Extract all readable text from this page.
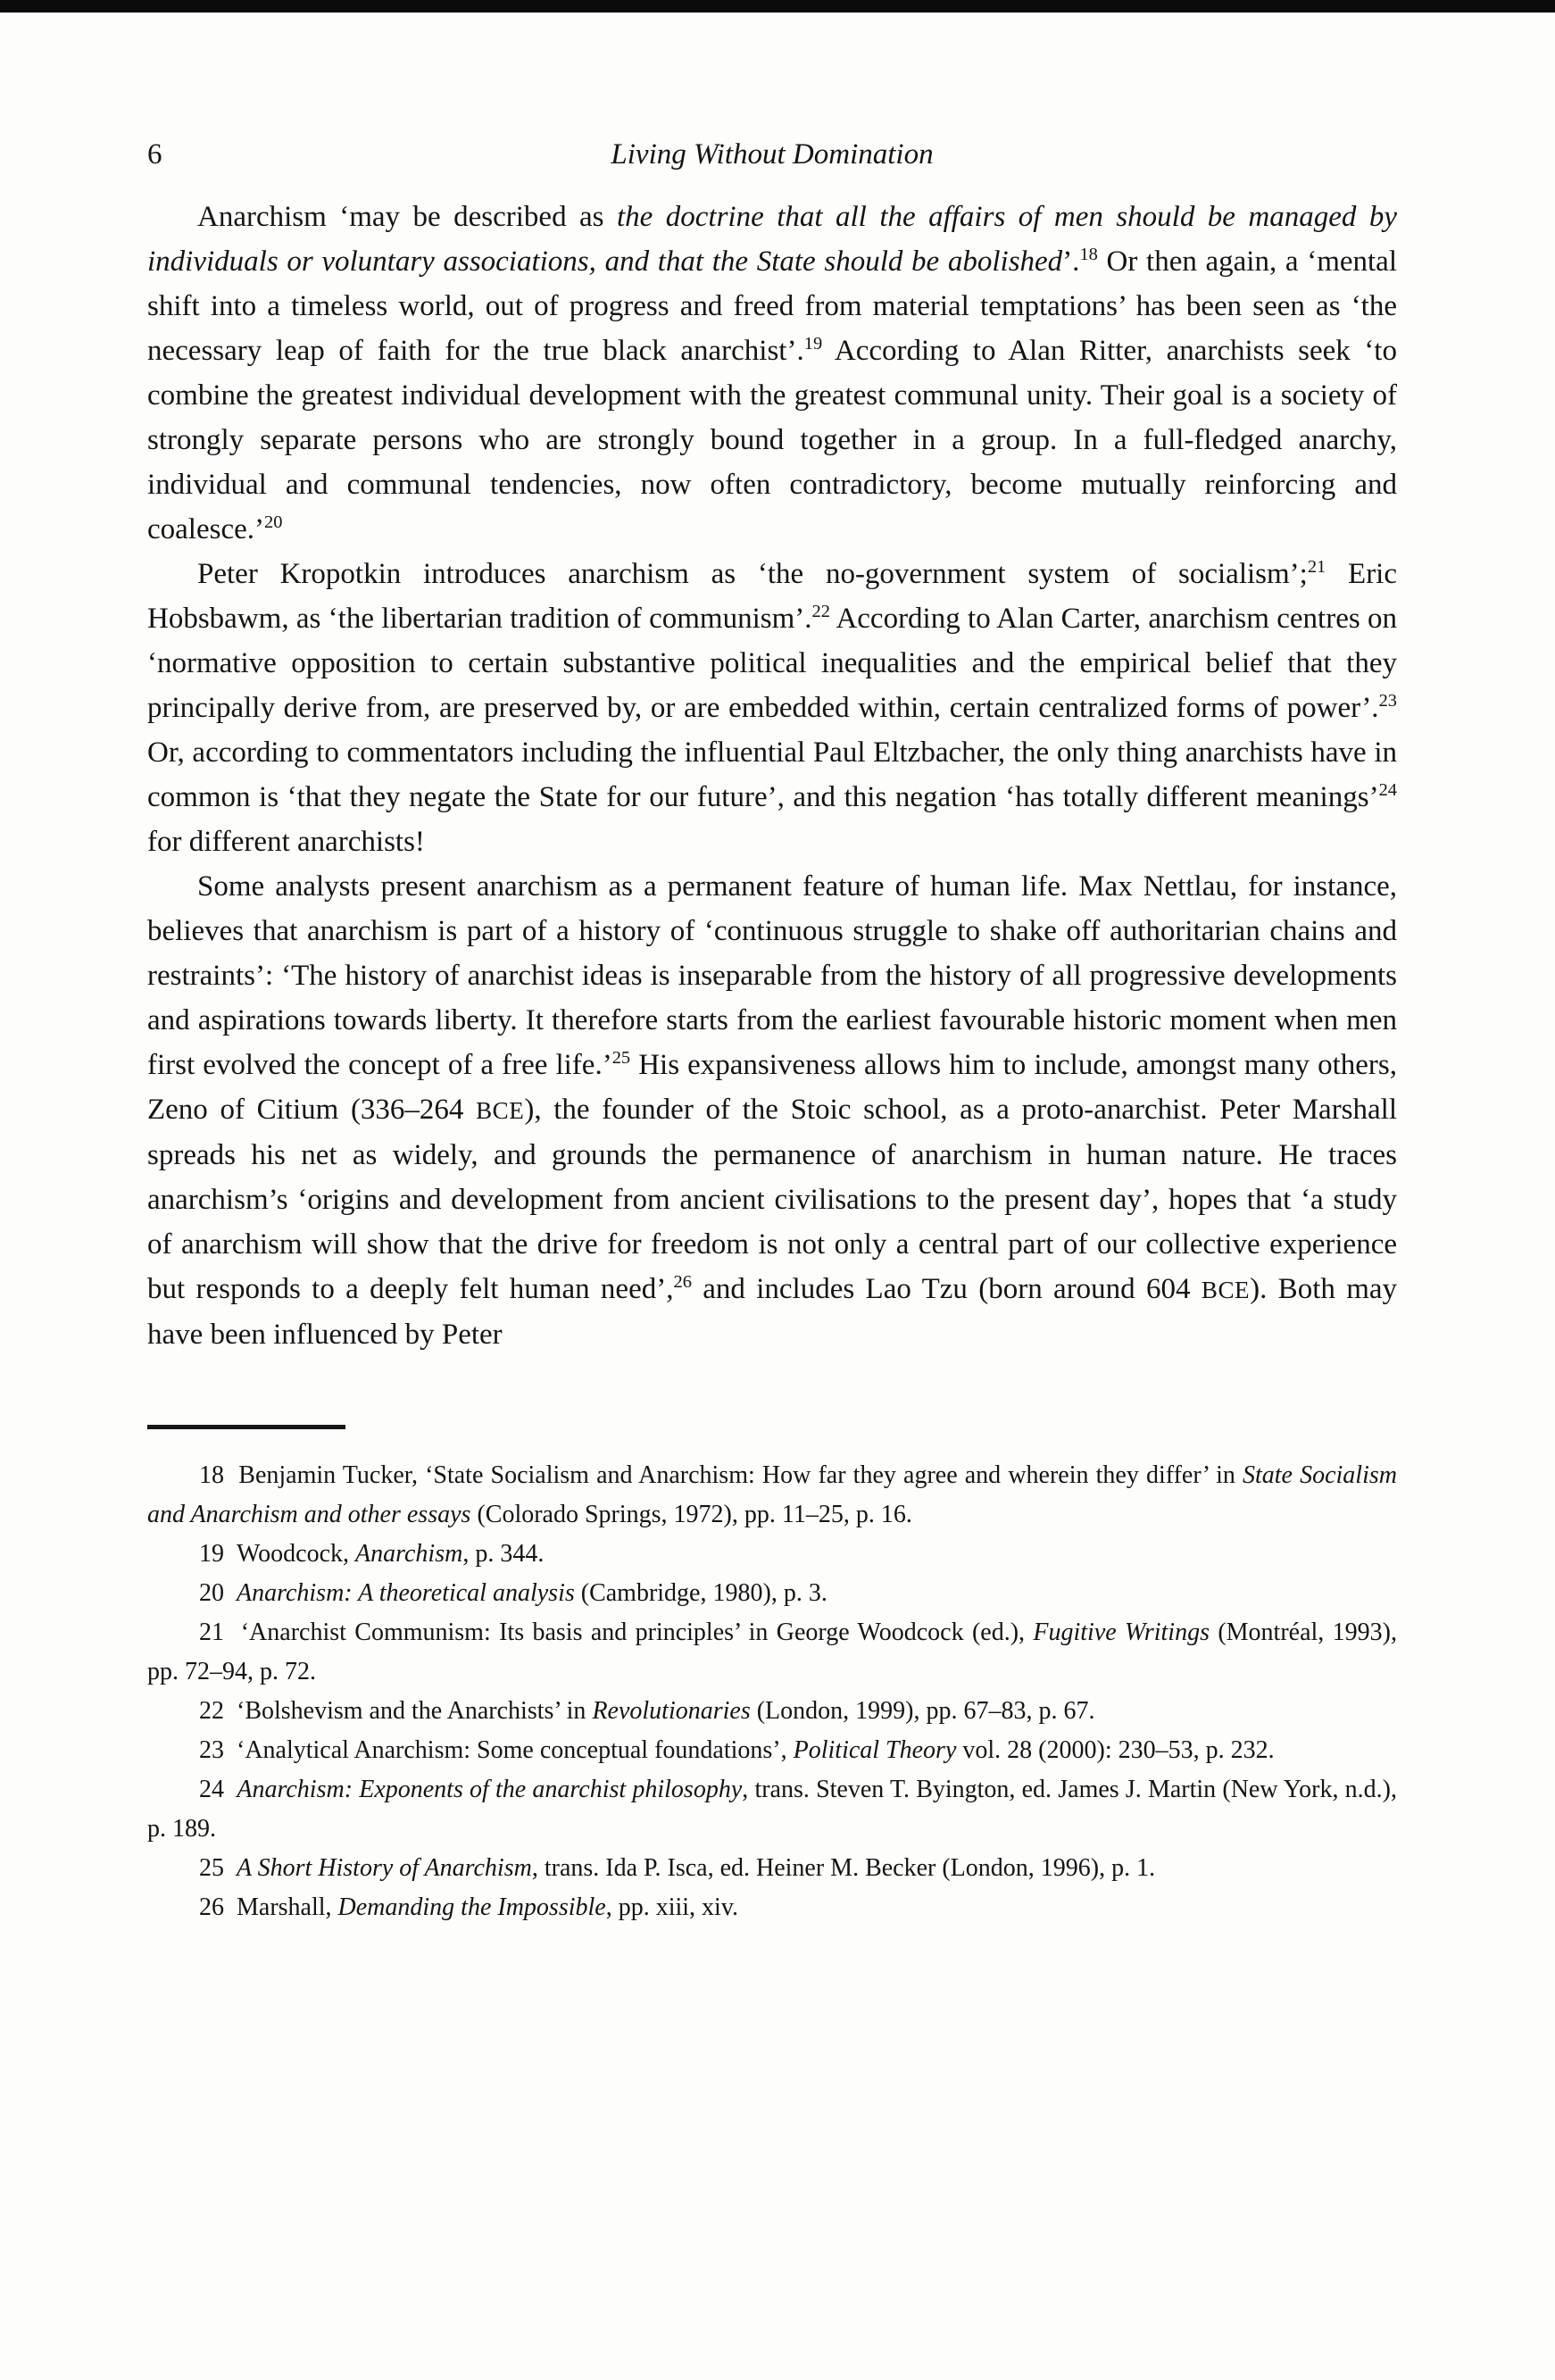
6	Living Without Domination

Anarchism ‘may be described as the doctrine that all the affairs of men should be managed by individuals or voluntary associations, and that the State should be abolished’.$^{18}$ Or then again, a ‘mental shift into a timeless world, out of progress and freed from material temptations’ has been seen as ‘the necessary leap of faith for the true black anarchist’.$^{19}$ According to Alan Ritter, anarchists seek ‘to combine the greatest individual development with the greatest communal unity. Their goal is a society of strongly separate persons who are strongly bound together in a group. In a full-fledged anarchy, individual and communal tendencies, now often contradictory, become mutually reinforcing and coalesce.’$^{20}$

Peter Kropotkin introduces anarchism as ‘the no-government system of socialism’;$^{21}$ Eric Hobsbawm, as ‘the libertarian tradition of communism’.$^{22}$ According to Alan Carter, anarchism centres on ‘normative opposition to certain substantive political inequalities and the empirical belief that they principally derive from, are preserved by, or are embedded within, certain centralized forms of power’.$^{23}$ Or, according to commentators including the influential Paul Eltzbacher, the only thing anarchists have in common is ‘that they negate the State for our future’, and this negation ‘has totally different meanings’$^{24}$ for different anarchists!

Some analysts present anarchism as a permanent feature of human life. Max Nettlau, for instance, believes that anarchism is part of a history of ‘continuous struggle to shake off authoritarian chains and restraints’: ‘The history of anarchist ideas is inseparable from the history of all progressive developments and aspirations towards liberty. It therefore starts from the earliest favourable historic moment when men first evolved the concept of a free life.’$^{25}$ His expansiveness allows him to include, amongst many others, Zeno of Citium (336–264 BCE), the founder of the Stoic school, as a proto-anarchist. Peter Marshall spreads his net as widely, and grounds the permanence of anarchism in human nature. He traces anarchism’s ‘origins and development from ancient civilisations to the present day’, hopes that ‘a study of anarchism will show that the drive for freedom is not only a central part of our collective experience but responds to a deeply felt human need’,$^{26}$ and includes Lao Tzu (born around 604 BCE). Both may have been influenced by Peter

18  Benjamin Tucker, ‘State Socialism and Anarchism: How far they agree and wherein they differ’ in State Socialism and Anarchism and other essays (Colorado Springs, 1972), pp. 11–25, p. 16.

19  Woodcock, Anarchism, p. 344.

20  Anarchism: A theoretical analysis (Cambridge, 1980), p. 3.

21  ‘Anarchist Communism: Its basis and principles’ in George Woodcock (ed.), Fugitive Writings (Montréal, 1993), pp. 72–94, p. 72.

22  ‘Bolshevism and the Anarchists’ in Revolutionaries (London, 1999), pp. 67–83, p. 67.

23  ‘Analytical Anarchism: Some conceptual foundations’, Political Theory vol. 28 (2000): 230–53, p. 232.

24  Anarchism: Exponents of the anarchist philosophy, trans. Steven T. Byington, ed. James J. Martin (New York, n.d.), p. 189.

25  A Short History of Anarchism, trans. Ida P. Isca, ed. Heiner M. Becker (London, 1996), p. 1.

26  Marshall, Demanding the Impossible, pp. xiii, xiv.
